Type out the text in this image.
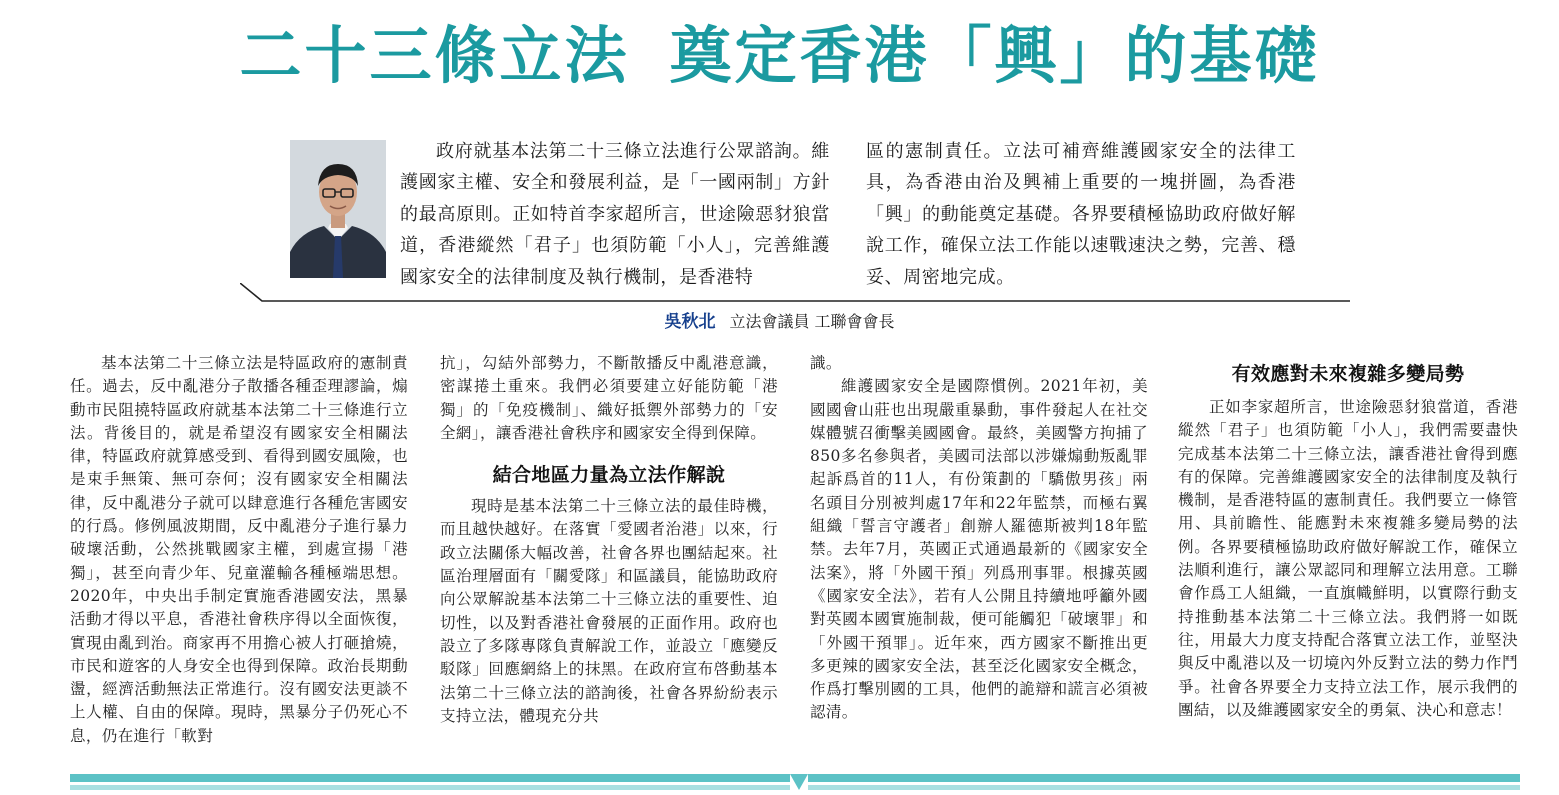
二十三條立法 奠定香港「興」的基礎
政府就基本法第二十三條立法進行公眾諮詢。維護國家主權、安全和發展利益，是「一國兩制」方針的最高原則。正如特首李家超所言，世途險惡豺狼當道，香港縱然「君子」也須防範「小人」，完善維護國家安全的法律制度及執行機制，是香港特
區的憲制責任。立法可補齊維護國家安全的法律工具，為香港由治及興補上重要的一塊拼圖，為香港「興」的動能奠定基礎。各界要積極協助政府做好解說工作，確保立法工作能以速戰速決之勢，完善、穩妥、周密地完成。
吳秋北 立法會議員 工聯會會長

基本法第二十三條立法是特區政府的憲制責任。過去，反中亂港分子散播各種歪理謬論，煽動市民阻撓特區政府就基本法第二十三條進行立法。背後目的，就是希望沒有國家安全相關法律，特區政府就算感受到、看得到國安風險，也是束手無策、無可奈何；沒有國家安全相關法律，反中亂港分子就可以肆意進行各種危害國安的行爲。修例風波期間，反中亂港分子進行暴力破壞活動，公然挑戰國家主權，到處宣揚「港獨」，甚至向青少年、兒童灌輸各種極端思想。2020年，中央出手制定實施香港國安法，黑暴活動才得以平息，香港社會秩序得以全面恢復，實現由亂到治。商家再不用擔心被人打砸搶燒，市民和遊客的人身安全也得到保障。政治長期動盪，經濟活動無法正常進行。沒有國安法更談不上人權、自由的保障。現時，黑暴分子仍死心不息，仍在進行「軟對

抗」，勾結外部勢力，不斷散播反中亂港意識，密謀捲土重來。我們必須要建立好能防範「港獨」的「免疫機制」、織好抵禦外部勢力的「安全網」，讓香港社會秩序和國家安全得到保障。

結合地區力量為立法作解說

現時是基本法第二十三條立法的最佳時機，而且越快越好。在落實「愛國者治港」以來，行政立法關係大幅改善，社會各界也團結起來。社區治理層面有「關愛隊」和區議員，能協助政府向公眾解說基本法第二十三條立法的重要性、迫切性，以及對香港社會發展的正面作用。政府也設立了多隊專隊負責解說工作，並設立「應變反駁隊」回應網絡上的抹黑。在政府宣布啓動基本法第二十三條立法的諮詢後，社會各界紛紛表示支持立法，體現充分共

識。

維護國家安全是國際慣例。2021年初，美國國會山莊也出現嚴重暴動，事件發起人在社交媒體號召衝擊美國國會。最終，美國警方拘捕了850多名參與者，美國司法部以涉嫌煽動叛亂罪起訴爲首的11人，有份策劃的「驕傲男孩」兩名頭目分別被判處17年和22年監禁，而極右翼組織「誓言守護者」創辦人羅德斯被判18年監禁。去年7月，英國正式通過最新的《國家安全法案》，將「外國干預」列爲刑事罪。根據英國《國家安全法》，若有人公開且持續地呼籲外國對英國本國實施制裁，便可能觸犯「破壞罪」和「外國干預罪」。近年來，西方國家不斷推出更多更辣的國家安全法，甚至泛化國家安全概念，作爲打擊別國的工具，他們的詭辯和謊言必須被認清。

有效應對未來複雜多變局勢

正如李家超所言，世途險惡豺狼當道，香港縱然「君子」也須防範「小人」，我們需要盡快完成基本法第二十三條立法，讓香港社會得到應有的保障。完善維護國家安全的法律制度及執行機制，是香港特區的憲制責任。我們要立一條管用、具前瞻性、能應對未來複雜多變局勢的法例。各界要積極協助政府做好解說工作，確保立法順利進行，讓公眾認同和理解立法用意。工聯會作爲工人組織，一直旗幟鮮明，以實際行動支持推動基本法第二十三條立法。我們將一如既往，用最大力度支持配合落實立法工作，並堅決與反中亂港以及一切境內外反對立法的勢力作鬥爭。社會各界要全力支持立法工作，展示我們的團結，以及維護國家安全的勇氣、決心和意志！
